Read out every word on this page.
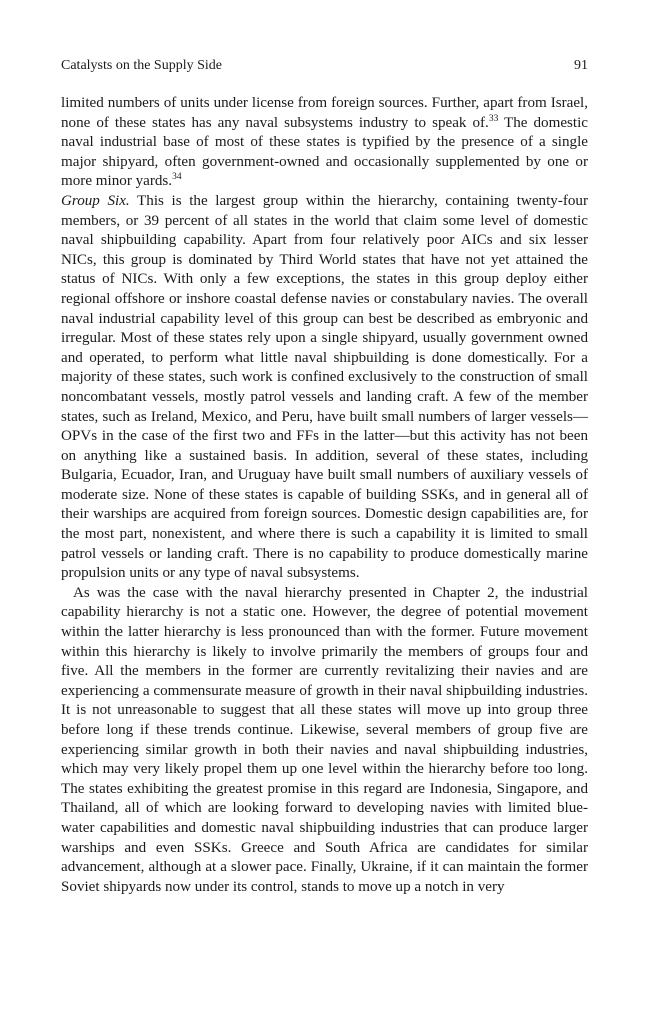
Catalysts on the Supply Side	91

limited numbers of units under license from foreign sources. Further, apart from Israel, none of these states has any naval subsystems industry to speak of.$^{33}$ The domestic naval industrial base of most of these states is typified by the presence of a single major shipyard, often government-owned and occasionally supplemented by one or more minor yards.$^{34}$

Group Six. This is the largest group within the hierarchy, containing twenty-four members, or 39 percent of all states in the world that claim some level of domestic naval shipbuilding capability. Apart from four relatively poor AICs and six lesser NICs, this group is dominated by Third World states that have not yet attained the status of NICs. With only a few exceptions, the states in this group deploy either regional offshore or inshore coastal defense navies or constabulary navies. The overall naval industrial capability level of this group can best be described as embryonic and irregular. Most of these states rely upon a single shipyard, usually government owned and operated, to perform what little naval shipbuilding is done domestically. For a majority of these states, such work is confined exclusively to the construction of small noncombatant vessels, mostly patrol vessels and landing craft. A few of the member states, such as Ireland, Mexico, and Peru, have built small numbers of larger vessels—OPVs in the case of the first two and FFs in the latter—but this activity has not been on anything like a sustained basis. In addition, several of these states, including Bulgaria, Ecuador, Iran, and Uruguay have built small numbers of auxiliary vessels of moderate size. None of these states is capable of building SSKs, and in general all of their warships are acquired from foreign sources. Domestic design capabilities are, for the most part, nonexistent, and where there is such a capability it is limited to small patrol vessels or landing craft. There is no capability to produce domestically marine propulsion units or any type of naval subsystems.

As was the case with the naval hierarchy presented in Chapter 2, the industrial capability hierarchy is not a static one. However, the degree of potential movement within the latter hierarchy is less pronounced than with the former. Future movement within this hierarchy is likely to involve primarily the members of groups four and five. All the members in the former are currently revitalizing their navies and are experiencing a commensurate measure of growth in their naval shipbuilding industries. It is not unreasonable to suggest that all these states will move up into group three before long if these trends continue. Likewise, several members of group five are experiencing similar growth in both their navies and naval shipbuilding industries, which may very likely propel them up one level within the hierarchy before too long. The states exhibiting the greatest promise in this regard are Indonesia, Singapore, and Thailand, all of which are looking forward to developing navies with limited blue-water capabilities and domestic naval shipbuilding industries that can produce larger warships and even SSKs. Greece and South Africa are candidates for similar advancement, although at a slower pace. Finally, Ukraine, if it can maintain the former Soviet shipyards now under its control, stands to move up a notch in very
